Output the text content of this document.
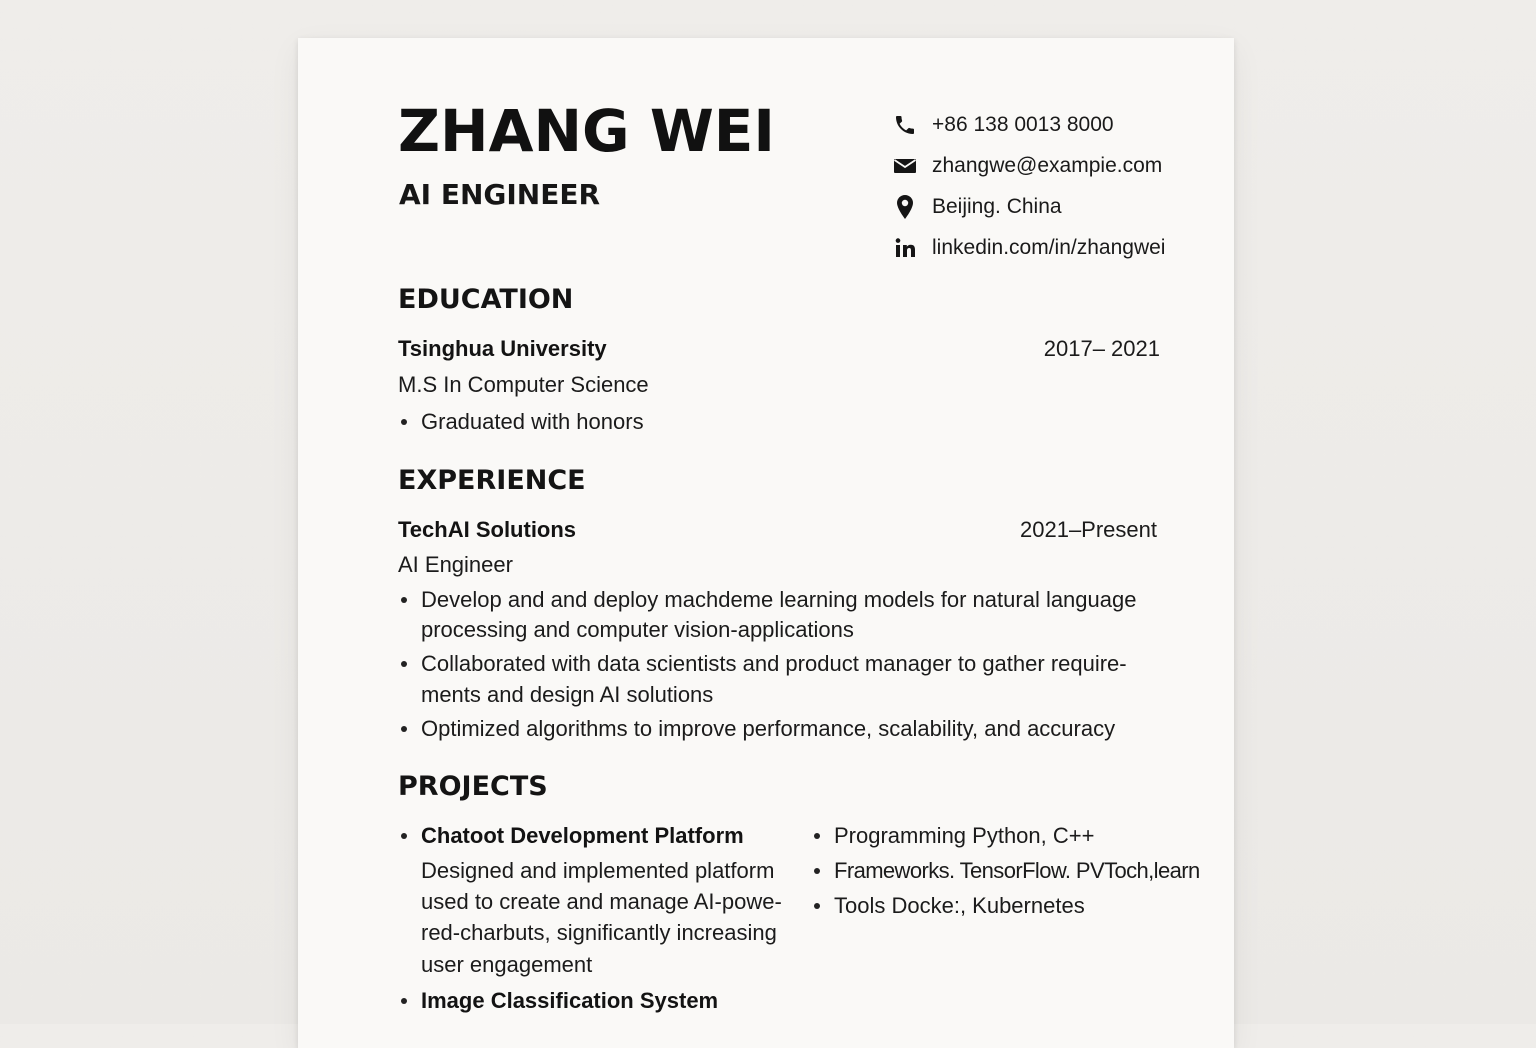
ZHANG WEI
AI ENGINEER
+86 138 0013 8000
zhangwe@exampie.com
Beijing. China
linkedin.com/in/zhangwei
EDUCATION
Tsinghua University	2017– 2021
M.S In Computer Science
Graduated with honors
EXPERIENCE
TechAI Solutions	2021–Present
AI Engineer
Develop and and deploy machdeme learning models for natural language
processing and computer vision-applications
Collaborated with data scientists and product manager to gather require-
ments and design AI solutions
Optimized algorithms to improve performance, scalability, and accuracy
PROJECTS
Chatoot Development Platform
Designed and implemented platform
used to create and manage AI-powe-
red-charbuts, significantly increasing
user engagement
Image Classification System
Programming Python, C++
Frameworks. TensorFlow. PVToch,learn
Tools Docke:, Kubernetes
